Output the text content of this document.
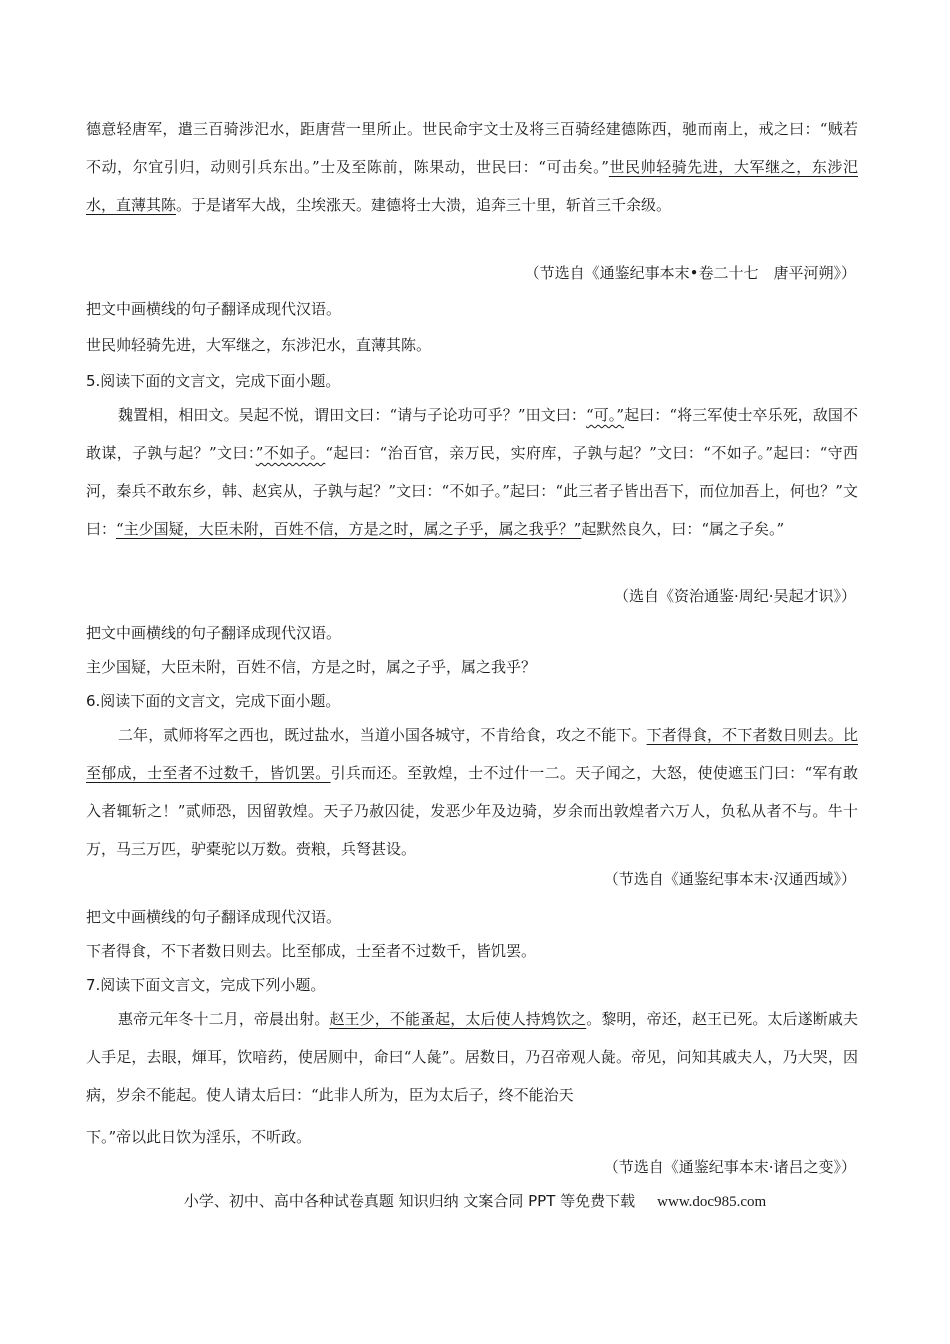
德意轻唐军，遣三百骑涉汜水，距唐营一里所止。世民命宇文士及将三百骑经建德陈西，驰而南上，戒之曰：“贼若不动，尔宜引归，动则引兵东出。”士及至陈前，陈果动，世民曰：“可击矣。”世民帅轻骑先进，大军继之，东涉汜水，直薄其陈。于是诸军大战，尘埃涨天。建德将士大溃，追奔三十里，斩首三千余级。

（节选自《通鉴纪事本末•卷二十七　唐平河朔》）

把文中画横线的句子翻译成现代汉语。

世民帅轻骑先进，大军继之，东涉汜水，直薄其陈。

5.阅读下面的文言文，完成下面小题。

魏置相，相田文。吴起不悦，谓田文曰：“请与子论功可乎？”田文曰：“可。”起曰：“将三军使士卒乐死，敌国不敢谋，子孰与起？”文曰：”不如子。“起曰：“治百官，亲万民，实府库，子孰与起？”文曰：“不如子。”起曰：“守西河，秦兵不敢东乡，韩、赵宾从，子孰与起？”文曰：“不如子。”起曰：“此三者子皆出吾下，而位加吾上，何也？”文曰：“主少国疑，大臣未附，百姓不信，方是之时，属之子乎，属之我乎？”起默然良久，曰：“属之子矣。”

（选自《资治通鉴·周纪·吴起才识》）

把文中画横线的句子翻译成现代汉语。

主少国疑，大臣未附，百姓不信，方是之时，属之子乎，属之我乎？

6.阅读下面的文言文，完成下面小题。

二年，贰师将军之西也，既过盐水，当道小国各城守，不肯给食，攻之不能下。下者得食，不下者数日则去。比至郁成，士至者不过数千，皆饥罢。引兵而还。至敦煌，士不过什一二。天子闻之，大怒，使使遮玉门曰：“军有敢入者辄斩之！”贰师恐，因留敦煌。天子乃赦囚徒，发恶少年及边骑，岁余而出敦煌者六万人，负私从者不与。牛十万，马三万匹，驴橐驼以万数。赍粮，兵弩甚设。

（节选自《通鉴纪事本末·汉通西域》）

把文中画横线的句子翻译成现代汉语。

下者得食，不下者数日则去。比至郁成，士至者不过数千，皆饥罢。

7.阅读下面文言文，完成下列小题。

惠帝元年冬十二月，帝晨出射。赵王少，不能蚤起，太后使人持鸩饮之。黎明，帝还，赵王已死。太后遂断戚夫人手足，去眼，煇耳，饮喑药，使居厕中，命曰“人彘”。居数日，乃召帝观人彘。帝见，问知其戚夫人，乃大哭，因病，岁余不能起。使人请太后曰：“此非人所为，臣为太后子，终不能治天

下。”帝以此日饮为淫乐，不听政。

（节选自《通鉴纪事本末·诸吕之变》）

小学、初中、高中各种试卷真题 知识归纳 文案合同 PPT 等免费下载 www.doc985.com
